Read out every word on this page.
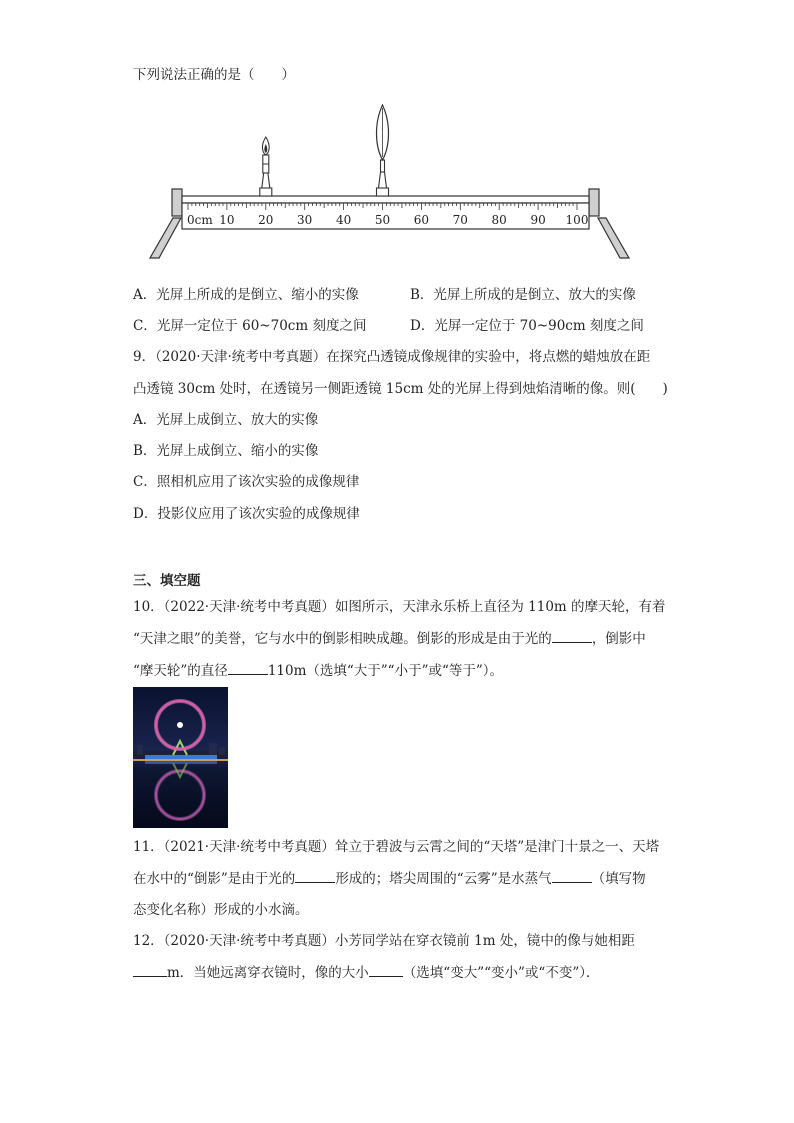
下列说法正确的是（　　）
0cm 10 20 30 40 50 60 70 80 90 100
A．光屏上所成的是倒立、缩小的实像	B．光屏上所成的是倒立、放大的实像
C．光屏一定位于 60~70cm 刻度之间	D．光屏一定位于 70~90cm 刻度之间
9．（2020·天津·统考中考真题）在探究凸透镜成像规律的实验中，将点燃的蜡烛放在距
凸透镜 30cm 处时，在透镜另一侧距透镜 15cm 处的光屏上得到烛焰清晰的像。则(　　)
A．光屏上成倒立、放大的实像
B．光屏上成倒立、缩小的实像
C．照相机应用了该次实验的成像规律
D．投影仪应用了该次实验的成像规律
三、填空题
10．（2022·天津·统考中考真题）如图所示，天津永乐桥上直径为 110m 的摩天轮，有着
“天津之眼”的美誉，它与水中的倒影相映成趣。倒影的形成是由于光的	，倒影中
“摩天轮”的直径	110m（选填“大于”“小于”或“等于”）。
11．（2021·天津·统考中考真题）耸立于碧波与云霄之间的“天塔”是津门十景之一、天塔
在水中的“倒影”是由于光的	形成的；塔尖周围的“云雾”是水蒸气	（填写物
态变化名称）形成的小水滴。
12．（2020·天津·统考中考真题）小芳同学站在穿衣镜前 1m 处，镜中的像与她相距
m．当她远离穿衣镜时，像的大小	（选填“变大”“变小”或“不变”）．
